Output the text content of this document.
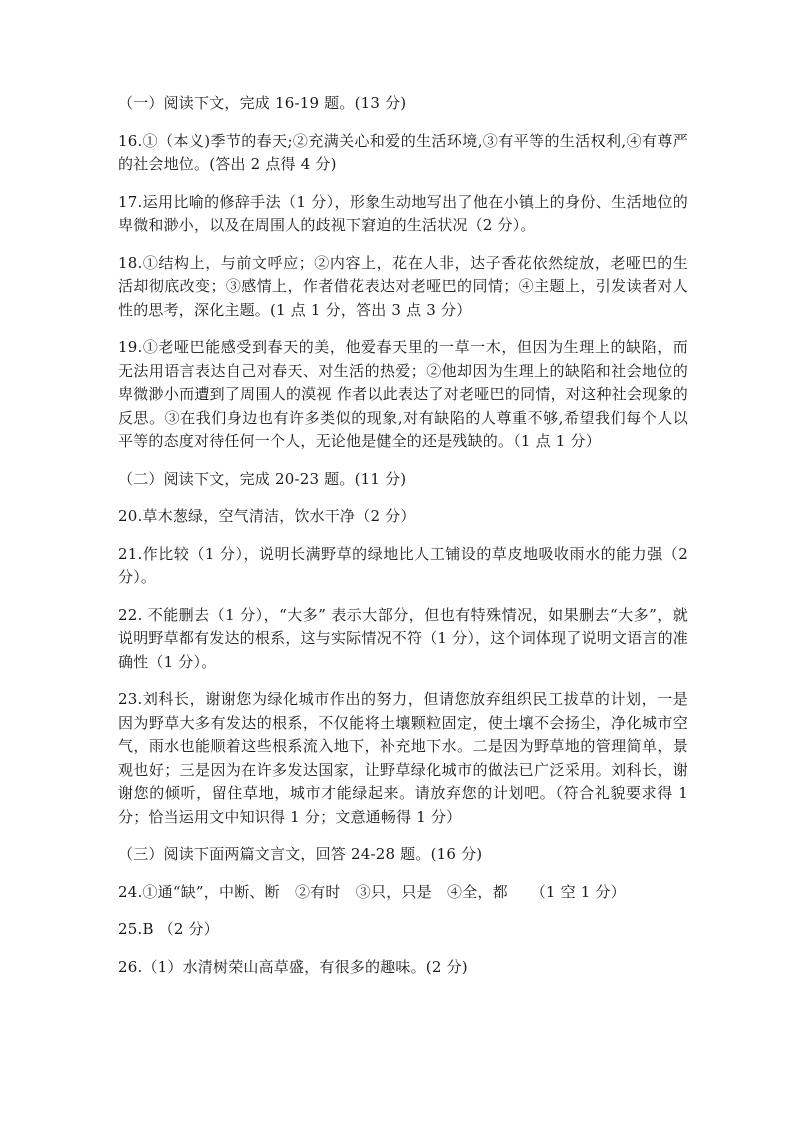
（一）阅读下文，完成 16-19 题。(13 分)

16.①（本义)季节的春天;②充满关心和爱的生活环境,③有平等的生活权利,④有尊严的社会地位。(答出 2 点得 4 分)

17.运用比喻的修辞手法（1 分），形象生动地写出了他在小镇上的身份、生活地位的卑微和渺小，以及在周围人的歧视下窘迫的生活状况（2 分）。

18.①结构上，与前文呼应；②内容上，花在人非，达子香花依然绽放，老哑巴的生活却彻底改变；③感情上，作者借花表达对老哑巴的同情；④主题上，引发读者对人性的思考，深化主题。(1 点 1 分，答出 3 点 3 分）

19.①老哑巴能感受到春天的美，他爱春天里的一草一木，但因为生理上的缺陷，而无法用语言表达自己对春天、对生活的热爱；②他却因为生理上的缺陷和社会地位的卑微渺小而遭到了周围人的漠视 作者以此表达了对老哑巴的同情，对这种社会现象的反思。③在我们身边也有许多类似的现象,对有缺陷的人尊重不够,希望我们每个人以平等的态度对待任何一个人，无论他是健全的还是残缺的。（1 点 1 分）

（二）阅读下文，完成 20-23 题。(11 分)

20.草木葱绿，空气清洁，饮水干净（2 分）

21.作比较（1 分），说明长满野草的绿地比人工铺设的草皮地吸收雨水的能力强（2 分）。

22. 不能删去（1 分），“大多” 表示大部分，但也有特殊情况，如果删去“大多”，就说明野草都有发达的根系，这与实际情况不符（1 分），这个词体现了说明文语言的准确性（1 分）。

23.刘科长，谢谢您为绿化城市作出的努力，但请您放弃组织民工拔草的计划，一是因为野草大多有发达的根系，不仅能将土壤颗粒固定，使土壤不会扬尘，净化城市空气，雨水也能顺着这些根系流入地下，补充地下水。二是因为野草地的管理简单，景观也好；三是因为在许多发达国家，让野草绿化城市的做法已广泛采用。刘科长，谢谢您的倾听，留住草地，城市才能绿起来。请放弃您的计划吧。（符合礼貌要求得 1 分；恰当运用文中知识得 1 分；文意通畅得 1 分）

（三）阅读下面两篇文言文，回答 24-28 题。(16 分)

24.①通“缺”，中断、断　②有时　③只，只是　④全，都　　（1 空 1 分）

25.B （2 分）

26.（1）水清树荣山高草盛，有很多的趣味。(2 分)
